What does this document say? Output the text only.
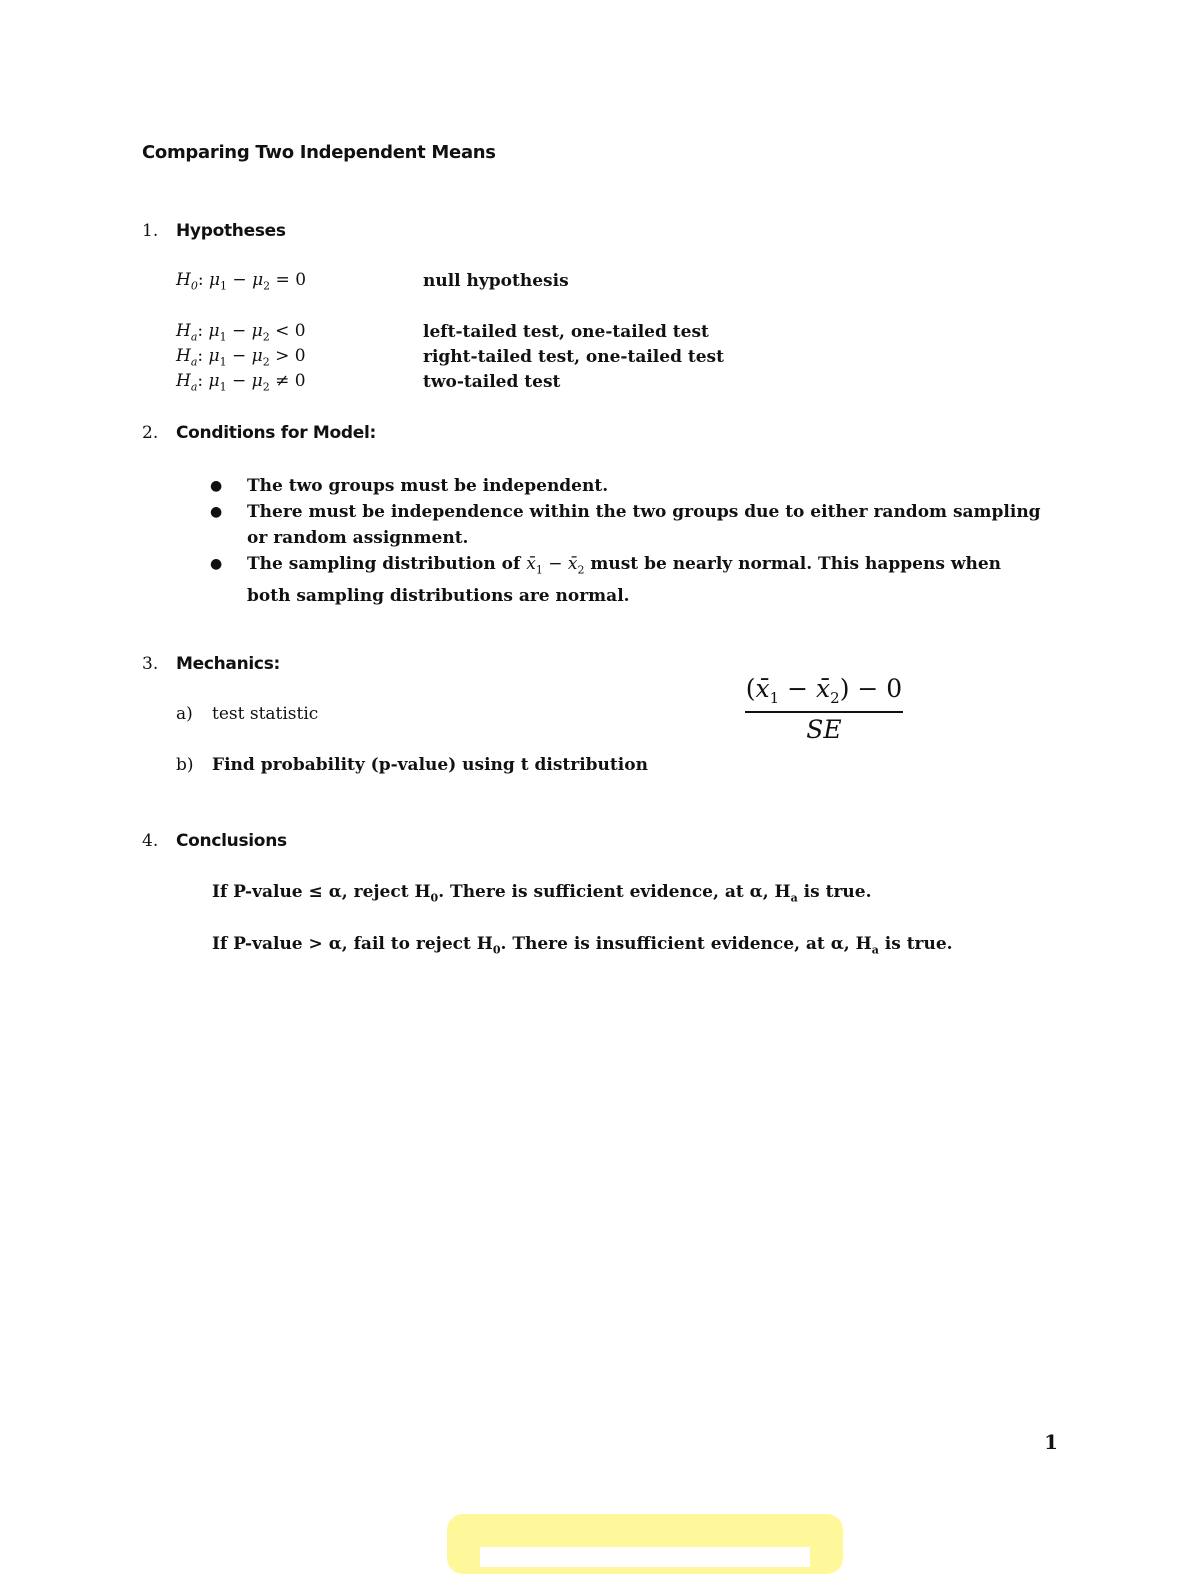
Comparing Two Independent Means
1. Hypotheses
$H_0$: $\mu_1 - \mu_2 = 0$	null hypothesis
$H_a$: $\mu_1 - \mu_2 < 0$	left-tailed test, one-tailed test
$H_a$: $\mu_1 - \mu_2 > 0$	right-tailed test, one-tailed test
$H_a$: $\mu_1 - \mu_2 \ne 0$	two-tailed test
2. Conditions for Model:
● The two groups must be independent.
● There must be independence within the two groups due to either random sampling or random assignment.
● The sampling distribution of $x̄_1$ − $x̄_2$ must be nearly normal. This happens when both sampling distributions are normal.
3. Mechanics:
a) test statistic
($x̄_1$ − $x̄_2) - 0$
SE
b) Find probability (p-value) using t distribution
4. Conclusions
If P-value ≤ α, reject $H_0$. There is sufficient evidence, at α, $H_a$ is true.
If P-value > α, fail to reject $H_0$. There is insufficient evidence, at α, $H_a$ is true.
1
